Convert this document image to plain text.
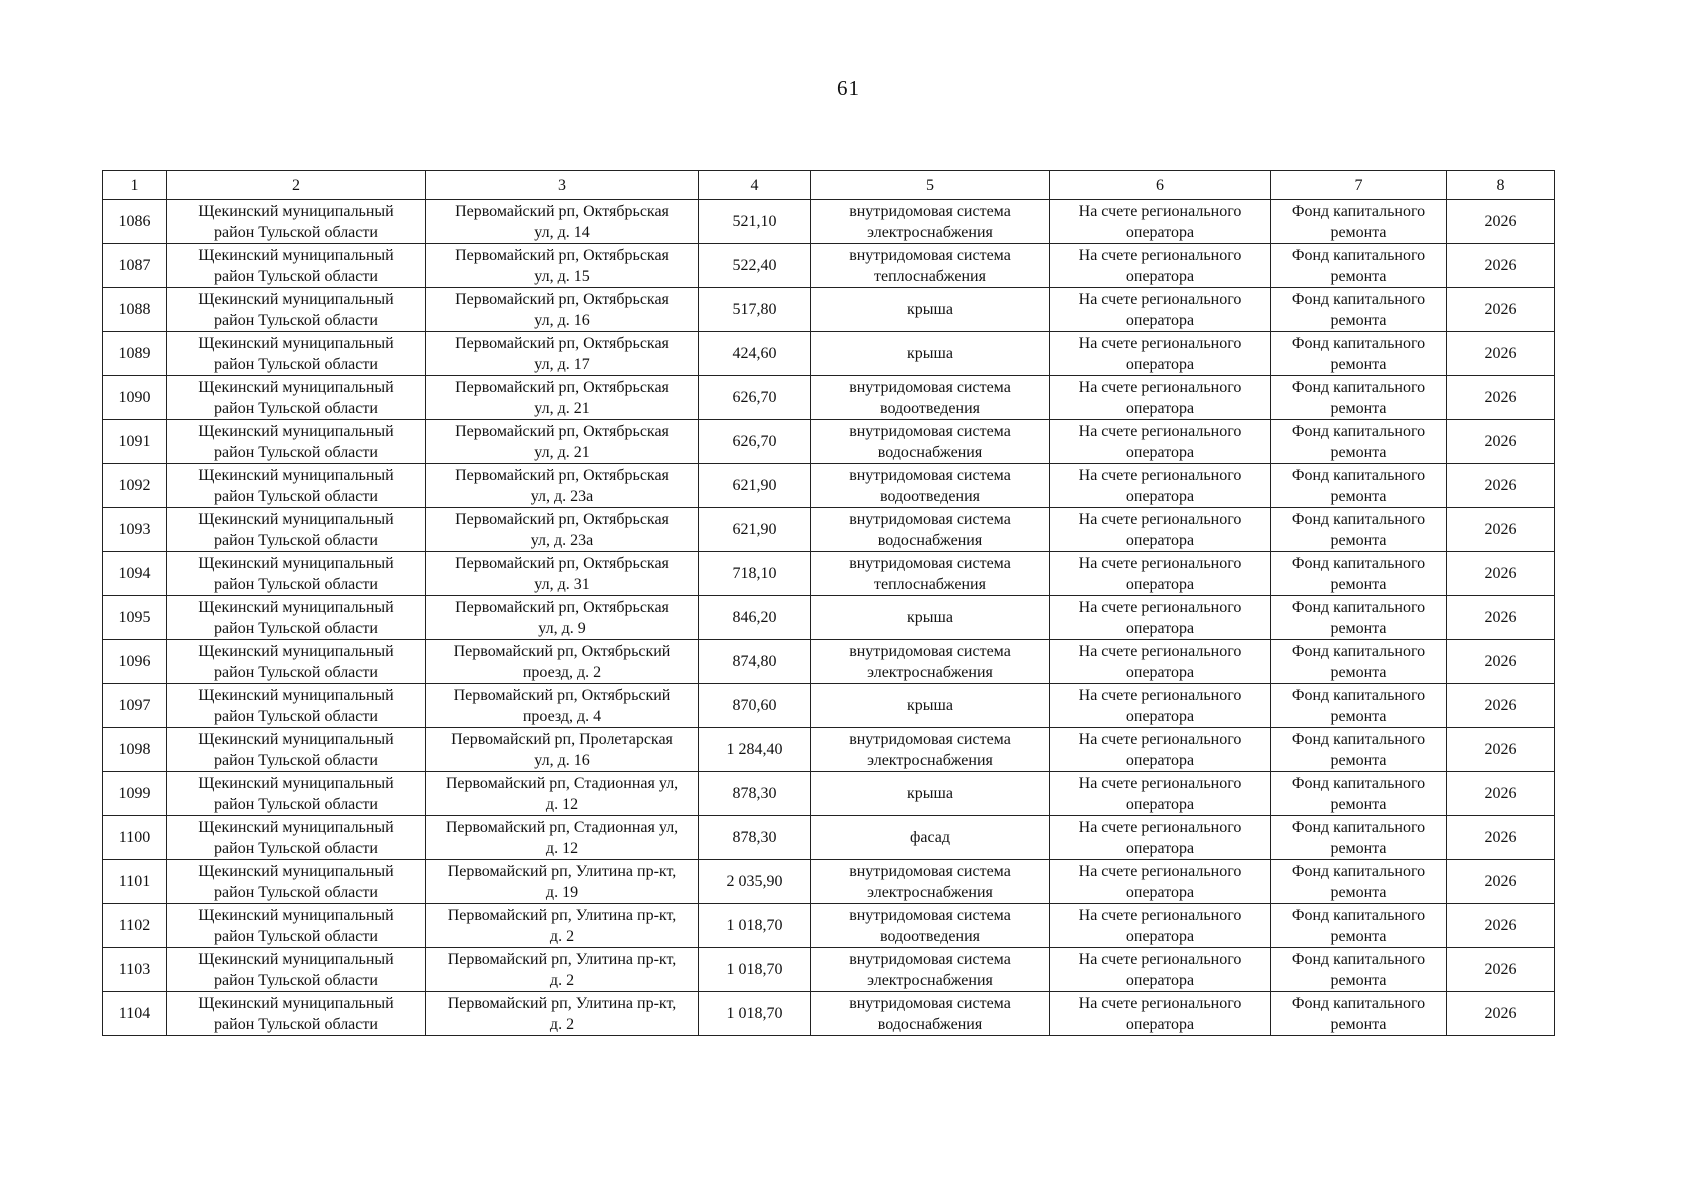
61
1	2	3	4	5	6	7	8

1086	Щекинский муниципальный
район Тульской области	Первомайский рп, Октябрьская
ул, д. 14	521,10	внутридомовая система
электроснабжения	На счете регионального
оператора	Фонд капитального
ремонта	2026

1087	Щекинский муниципальный
район Тульской области	Первомайский рп, Октябрьская
ул, д. 15	522,40	внутридомовая система
теплоснабжения	На счете регионального
оператора	Фонд капитального
ремонта	2026

1088	Щекинский муниципальный
район Тульской области	Первомайский рп, Октябрьская
ул, д. 16	517,80	крыша	На счете регионального
оператора	Фонд капитального
ремонта	2026

1089	Щекинский муниципальный
район Тульской области	Первомайский рп, Октябрьская
ул, д. 17	424,60	крыша	На счете регионального
оператора	Фонд капитального
ремонта	2026

1090	Щекинский муниципальный
район Тульской области	Первомайский рп, Октябрьская
ул, д. 21	626,70	внутридомовая система
водоотведения	На счете регионального
оператора	Фонд капитального
ремонта	2026

1091	Щекинский муниципальный
район Тульской области	Первомайский рп, Октябрьская
ул, д. 21	626,70	внутридомовая система
водоснабжения	На счете регионального
оператора	Фонд капитального
ремонта	2026

1092	Щекинский муниципальный
район Тульской области	Первомайский рп, Октябрьская
ул, д. 23а	621,90	внутридомовая система
водоотведения	На счете регионального
оператора	Фонд капитального
ремонта	2026

1093	Щекинский муниципальный
район Тульской области	Первомайский рп, Октябрьская
ул, д. 23а	621,90	внутридомовая система
водоснабжения	На счете регионального
оператора	Фонд капитального
ремонта	2026

1094	Щекинский муниципальный
район Тульской области	Первомайский рп, Октябрьская
ул, д. 31	718,10	внутридомовая система
теплоснабжения	На счете регионального
оператора	Фонд капитального
ремонта	2026

1095	Щекинский муниципальный
район Тульской области	Первомайский рп, Октябрьская
ул, д. 9	846,20	крыша	На счете регионального
оператора	Фонд капитального
ремонта	2026

1096	Щекинский муниципальный
район Тульской области	Первомайский рп, Октябрьский
проезд, д. 2	874,80	внутридомовая система
электроснабжения	На счете регионального
оператора	Фонд капитального
ремонта	2026

1097	Щекинский муниципальный
район Тульской области	Первомайский рп, Октябрьский
проезд, д. 4	870,60	крыша	На счете регионального
оператора	Фонд капитального
ремонта	2026

1098	Щекинский муниципальный
район Тульской области	Первомайский рп, Пролетарская
ул, д. 16	1 284,40	внутридомовая система
электроснабжения	На счете регионального
оператора	Фонд капитального
ремонта	2026

1099	Щекинский муниципальный
район Тульской области	Первомайский рп, Стадионная ул,
д. 12	878,30	крыша	На счете регионального
оператора	Фонд капитального
ремонта	2026

1100	Щекинский муниципальный
район Тульской области	Первомайский рп, Стадионная ул,
д. 12	878,30	фасад	На счете регионального
оператора	Фонд капитального
ремонта	2026

1101	Щекинский муниципальный
район Тульской области	Первомайский рп, Улитина пр-кт,
д. 19	2 035,90	внутридомовая система
электроснабжения	На счете регионального
оператора	Фонд капитального
ремонта	2026

1102	Щекинский муниципальный
район Тульской области	Первомайский рп, Улитина пр-кт,
д. 2	1 018,70	внутридомовая система
водоотведения	На счете регионального
оператора	Фонд капитального
ремонта	2026

1103	Щекинский муниципальный
район Тульской области	Первомайский рп, Улитина пр-кт,
д. 2	1 018,70	внутридомовая система
электроснабжения	На счете регионального
оператора	Фонд капитального
ремонта	2026

1104	Щекинский муниципальный
район Тульской области	Первомайский рп, Улитина пр-кт,
д. 2	1 018,70	внутридомовая система
водоснабжения	На счете регионального
оператора	Фонд капитального
ремонта	2026
